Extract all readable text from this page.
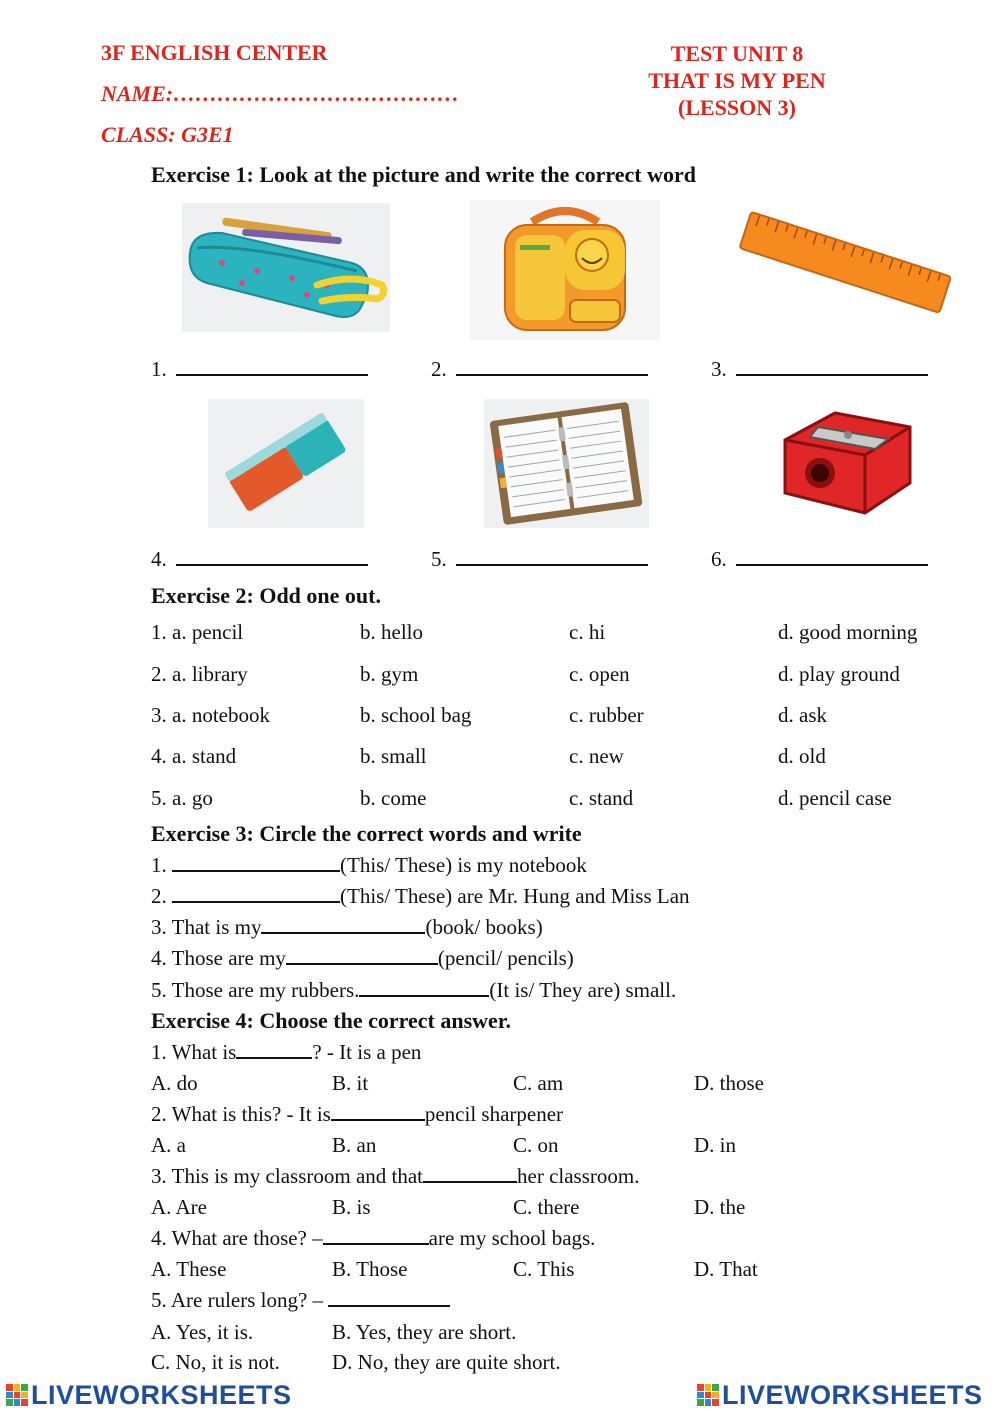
3F ENGLISH CENTER
NAME:…………………………………
CLASS: G3E1
TEST UNIT 8
THAT IS MY PEN
(LESSON 3)
Exercise 1: Look at the picture and write the correct word
1.	2.	3.
4.	5.	6.
Exercise 2: Odd one out.
1. a. pencil	b. hello	c. hi	d. good morning
2. a. library	b. gym	c. open	d. play ground
3. a. notebook	b. school bag	c. rubber	d. ask
4. a. stand	b. small	c. new	d. old
5. a. go	b. come	c. stand	d. pencil case
Exercise 3: Circle the correct words and write
1.	(This/ These) is my notebook
2.	(This/ These) are Mr. Hung and Miss Lan
3. That is my	(book/ books)
4. Those are my	(pencil/ pencils)
5. Those are my rubbers.	(It is/ They are) small.
Exercise 4: Choose the correct answer.
1. What is	? - It is a pen
A. do	B. it	C. am	D. those
2. What is this? - It is	pencil sharpener
A. a	B. an	C. on	D. in
3. This is my classroom and that	her classroom.
A. Are	B. is	C. there	D. the
4. What are those? –	are my school bags.
A. These	B. Those	C. This	D. That
5. Are rulers long? –
A. Yes, it is.	B. Yes, they are short.
C. No, it is not. D. No, they are quite short.
LIVEWORKSHEETS	LIVEWORKSHEETS
